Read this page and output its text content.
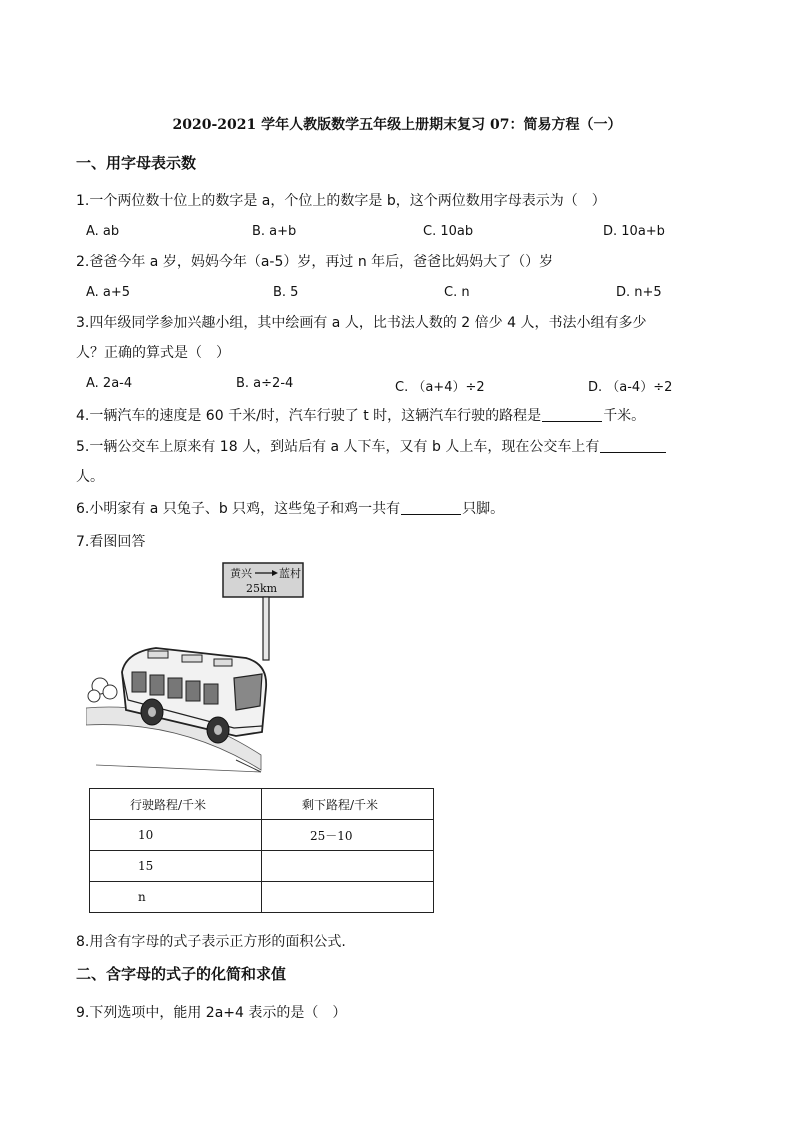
2020-2021 学年人教版数学五年级上册期末复习 07：简易方程（一）
一、用字母表示数
1.一个两位数十位上的数字是 a，个位上的数字是 b，这个两位数用字母表示为（　）
A. ab	B. a+b	C. 10ab	D. 10a+b
2.爸爸今年 a 岁，妈妈今年（a-5）岁，再过 n 年后，爸爸比妈妈大了（）岁
A. a+5	B. 5	C. n	D. n+5
3.四年级同学参加兴趣小组，其中绘画有 a 人，比书法人数的 2 倍少 4 人，书法小组有多少
人？正确的算式是（　）
A. 2a-4	B. a÷2-4	C. （a+4）÷2	D. （a-4）÷2
4.一辆汽车的速度是 60 千米/时，汽车行驶了 t 时，这辆汽车行驶的路程是	千米。
5.一辆公交车上原来有 18 人，到站后有 a 人下车，又有 b 人上车，现在公交车上有
人。
6.小明家有 a 只兔子、b 只鸡，这些兔子和鸡一共有	只脚。
7.看图回答
黄兴 蓝村
25km
行驶路程/千米	剩下路程/千米
10	25－10
15	
n	
8.用含有字母的式子表示正方形的面积公式.
二、含字母的式子的化简和求值
9.下列选项中，能用 2a+4 表示的是（　）
